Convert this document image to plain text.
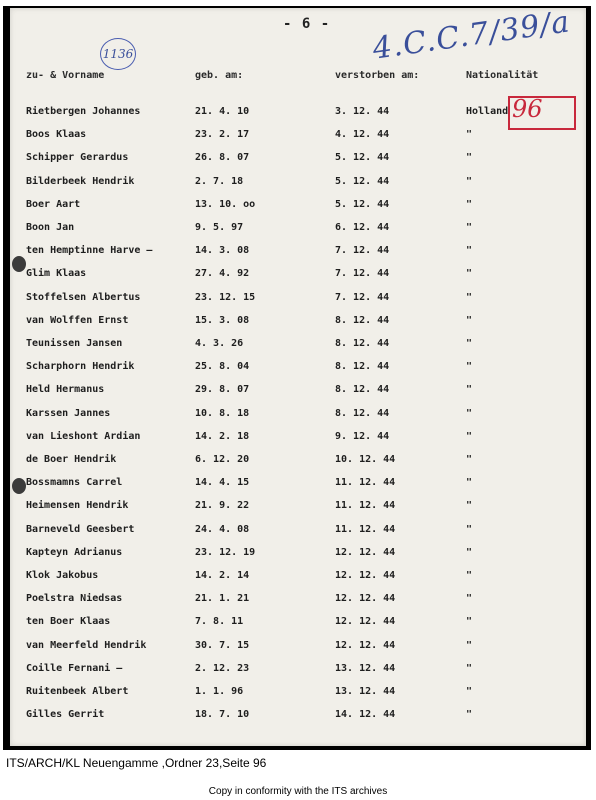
- 6 - 4.C.C.7/39/a
1136
zu- & Vorname	geb. am:	verstorben am:	Nationalität
96
Rietbergen Johannes	21. 4. 10	3. 12. 44	Holland
Boos Klaas	23. 2. 17	4. 12. 44	"
Schipper Gerardus	26. 8. 07	5. 12. 44	"
Bilderbeek Hendrik	2. 7. 18	5. 12. 44	"
Boer Aart	13. 10. oo	5. 12. 44	"
Boon Jan	9. 5. 97	6. 12. 44	"
ten Hemptinne Harve —	14. 3. 08	7. 12. 44	"
Glim Klaas	27. 4. 92	7. 12. 44	"
Stoffelsen Albertus	23. 12. 15	7. 12. 44	"
van Wolffen Ernst	15. 3. 08	8. 12. 44	"
Teunissen Jansen	4. 3. 26	8. 12. 44	"
Scharphorn Hendrik	25. 8. 04	8. 12. 44	"
Held Hermanus	29. 8. 07	8. 12. 44	"
Karssen Jannes	10. 8. 18	8. 12. 44	"
van Lieshont Ardian	14. 2. 18	9. 12. 44	"
de Boer Hendrik	6. 12. 20	10. 12. 44	"
Bossmamns Carrel	14. 4. 15	11. 12. 44	"
Heimensen Hendrik	21. 9. 22	11. 12. 44	"
Barneveld Geesbert	24. 4. 08	11. 12. 44	"
Kapteyn Adrianus	23. 12. 19	12. 12. 44	"
Klok Jakobus	14. 2. 14	12. 12. 44	"
Poelstra Niedsas	21. 1. 21	12. 12. 44	"
ten Boer Klaas	7. 8. 11	12. 12. 44	"
van Meerfeld Hendrik	30. 7. 15	12. 12. 44	"
Coille Fernani —	2. 12. 23	13. 12. 44	"
Ruitenbeek Albert	1. 1. 96	13. 12. 44	"
Gilles Gerrit	18. 7. 10	14. 12. 44	"
ITS/ARCH/KL Neuengamme ,Ordner 23,Seite 96
Copy in conformity with the ITS archives
